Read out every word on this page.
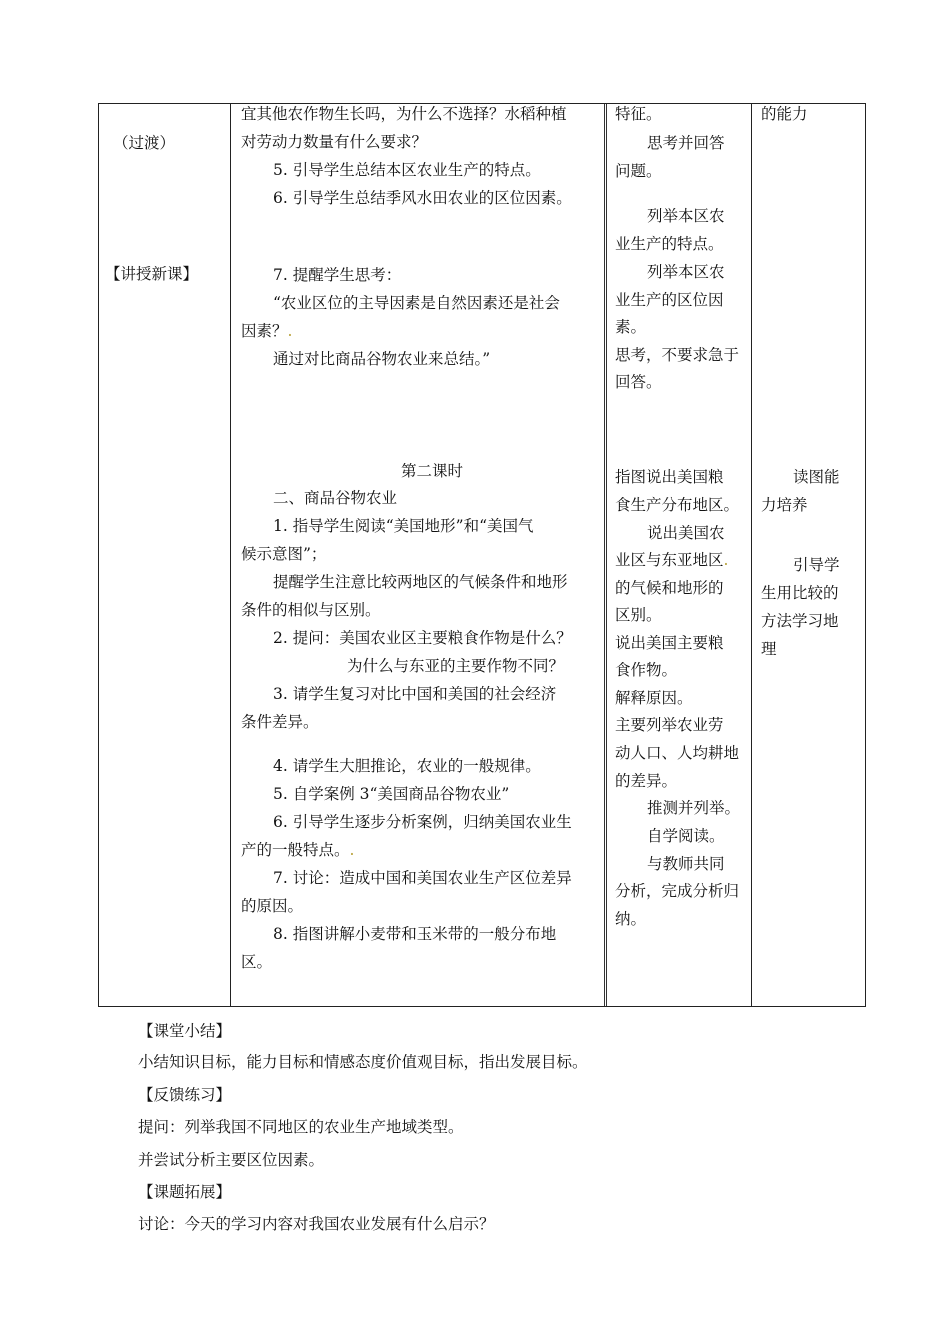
（过渡）
【讲授新课】
宜其他农作物生长吗，为什么不选择？水稻种植
对劳动力数量有什么要求？
5. 引导学生总结本区农业生产的特点。
6. 引导学生总结季风水田农业的区位因素。
7. 提醒学生思考：
“农业区位的主导因素是自然因素还是社会
因素？.
通过对比商品谷物农业来总结。”
第二课时
二、商品谷物农业
1. 指导学生阅读“美国地形”和“美国气
候示意图”；
提醒学生注意比较两地区的气候条件和地形
条件的相似与区别。
2. 提问：美国农业区主要粮食作物是什么？
为什么与东亚的主要作物不同？
3. 请学生复习对比中国和美国的社会经济
条件差异。
4. 请学生大胆推论，农业的一般规律。
5. 自学案例 3“美国商品谷物农业”
6. 引导学生逐步分析案例，归纳美国农业生
产的一般特点。.
7. 讨论：造成中国和美国农业生产区位差异
的原因。
8. 指图讲解小麦带和玉米带的一般分布地
区。
特征。
思考并回答
问题。
列举本区农
业生产的特点。
列举本区农
业生产的区位因
素。
思考，不要求急于
回答。
指图说出美国粮
食生产分布地区。
说出美国农
业区与东亚地区.
的气候和地形的
区别。
说出美国主要粮
食作物。
解释原因。
主要列举农业劳
动人口、人均耕地
的差异。
推测并列举。
自学阅读。
与教师共同
分析，完成分析归
纳。
的能力
读图能
力培养
引导学
生用比较的
方法学习地
理
【课堂小结】
小结知识目标，能力目标和情感态度价值观目标，指出发展目标。
【反馈练习】
提问：列举我国不同地区的农业生产地域类型。
并尝试分析主要区位因素。
【课题拓展】
讨论：今天的学习内容对我国农业发展有什么启示？
